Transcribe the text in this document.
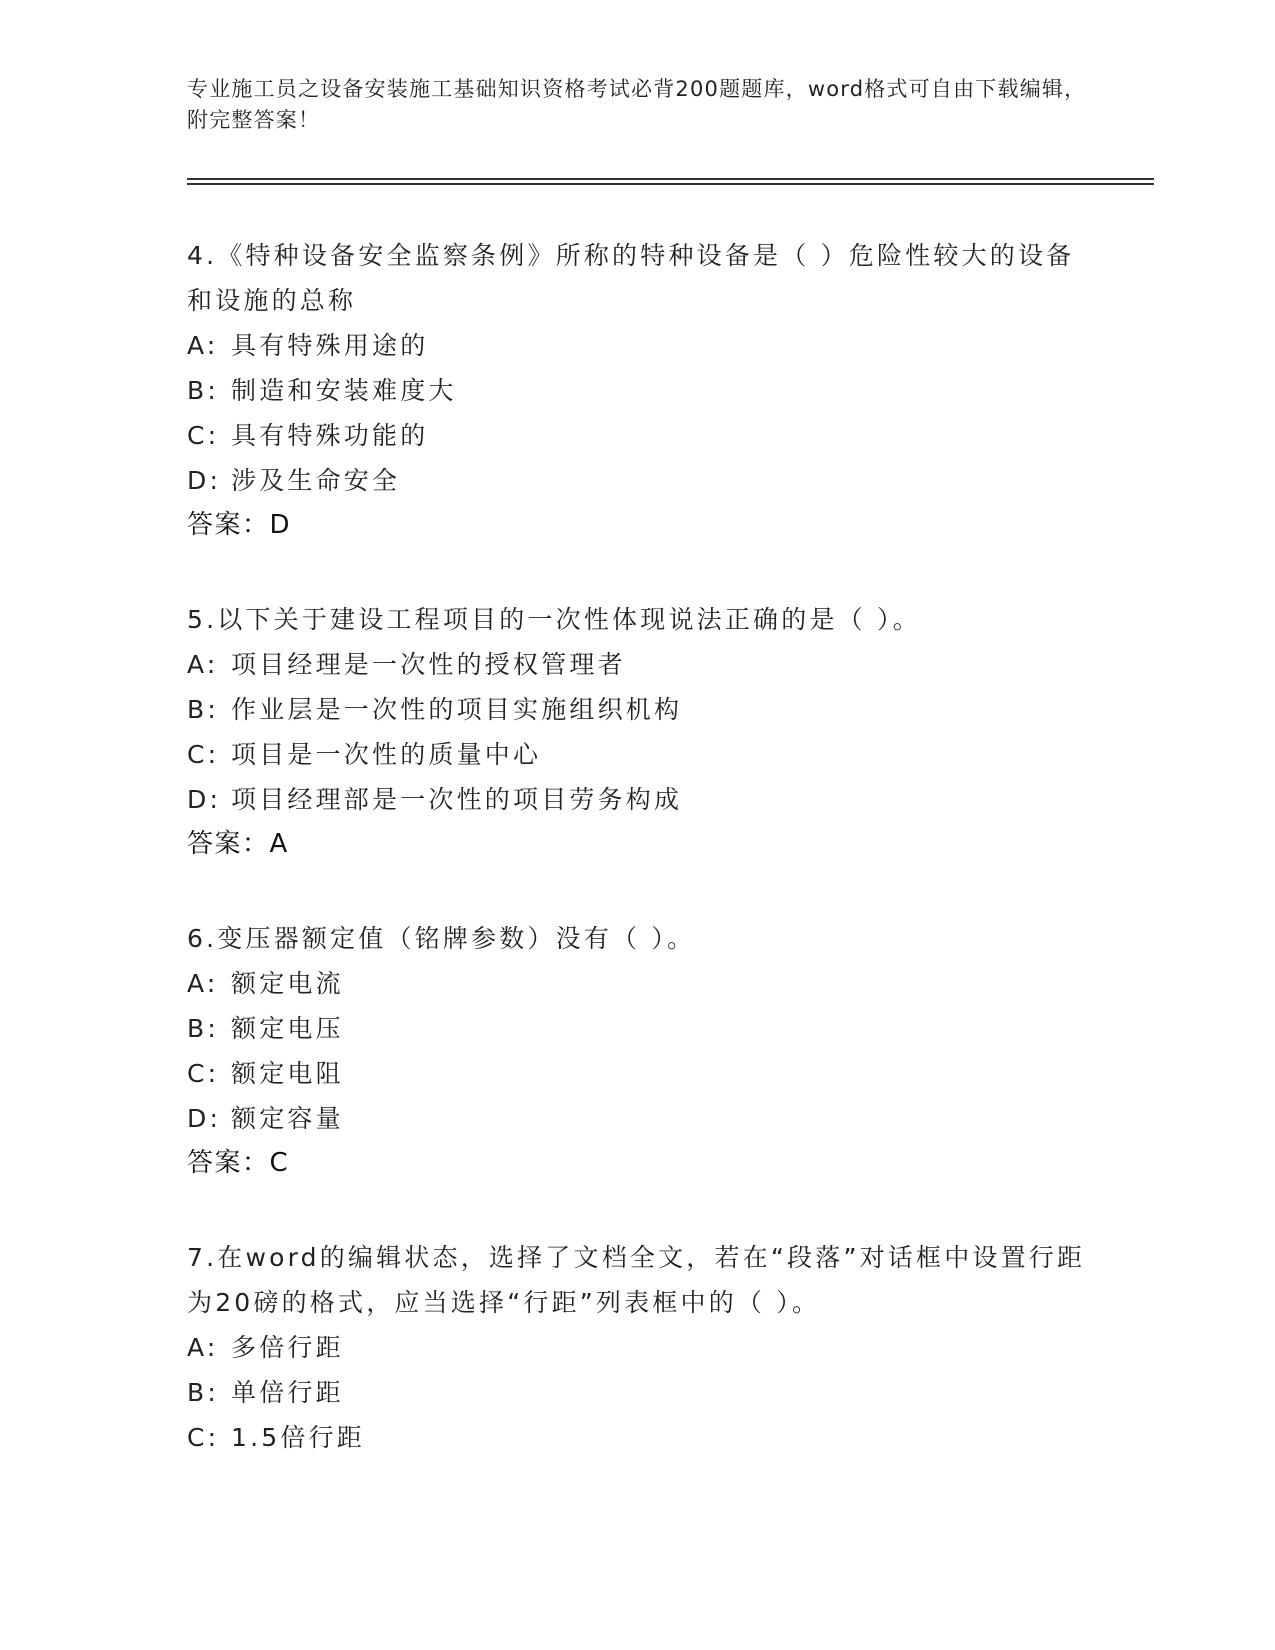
专业施工员之设备安装施工基础知识资格考试必背200题题库，word格式可自由下载编辑，附完整答案！

4.《特种设备安全监察条例》所称的特种设备是（ ）危险性较大的设备和设施的总称

A: 具有特殊用途的

B: 制造和安装难度大

C: 具有特殊功能的

D: 涉及生命安全

答案：D

5.以下关于建设工程项目的一次性体现说法正确的是（ ）。

A: 项目经理是一次性的授权管理者

B: 作业层是一次性的项目实施组织机构

C: 项目是一次性的质量中心

D: 项目经理部是一次性的项目劳务构成

答案：A

6.变压器额定值（铭牌参数）没有（ ）。

A: 额定电流

B: 额定电压

C: 额定电阻

D: 额定容量

答案：C

7.在word的编辑状态，选择了文档全文，若在“段落”对话框中设置行距为20磅的格式，应当选择“行距”列表框中的（ ）。

A: 多倍行距

B: 单倍行距

C: 1.5倍行距
